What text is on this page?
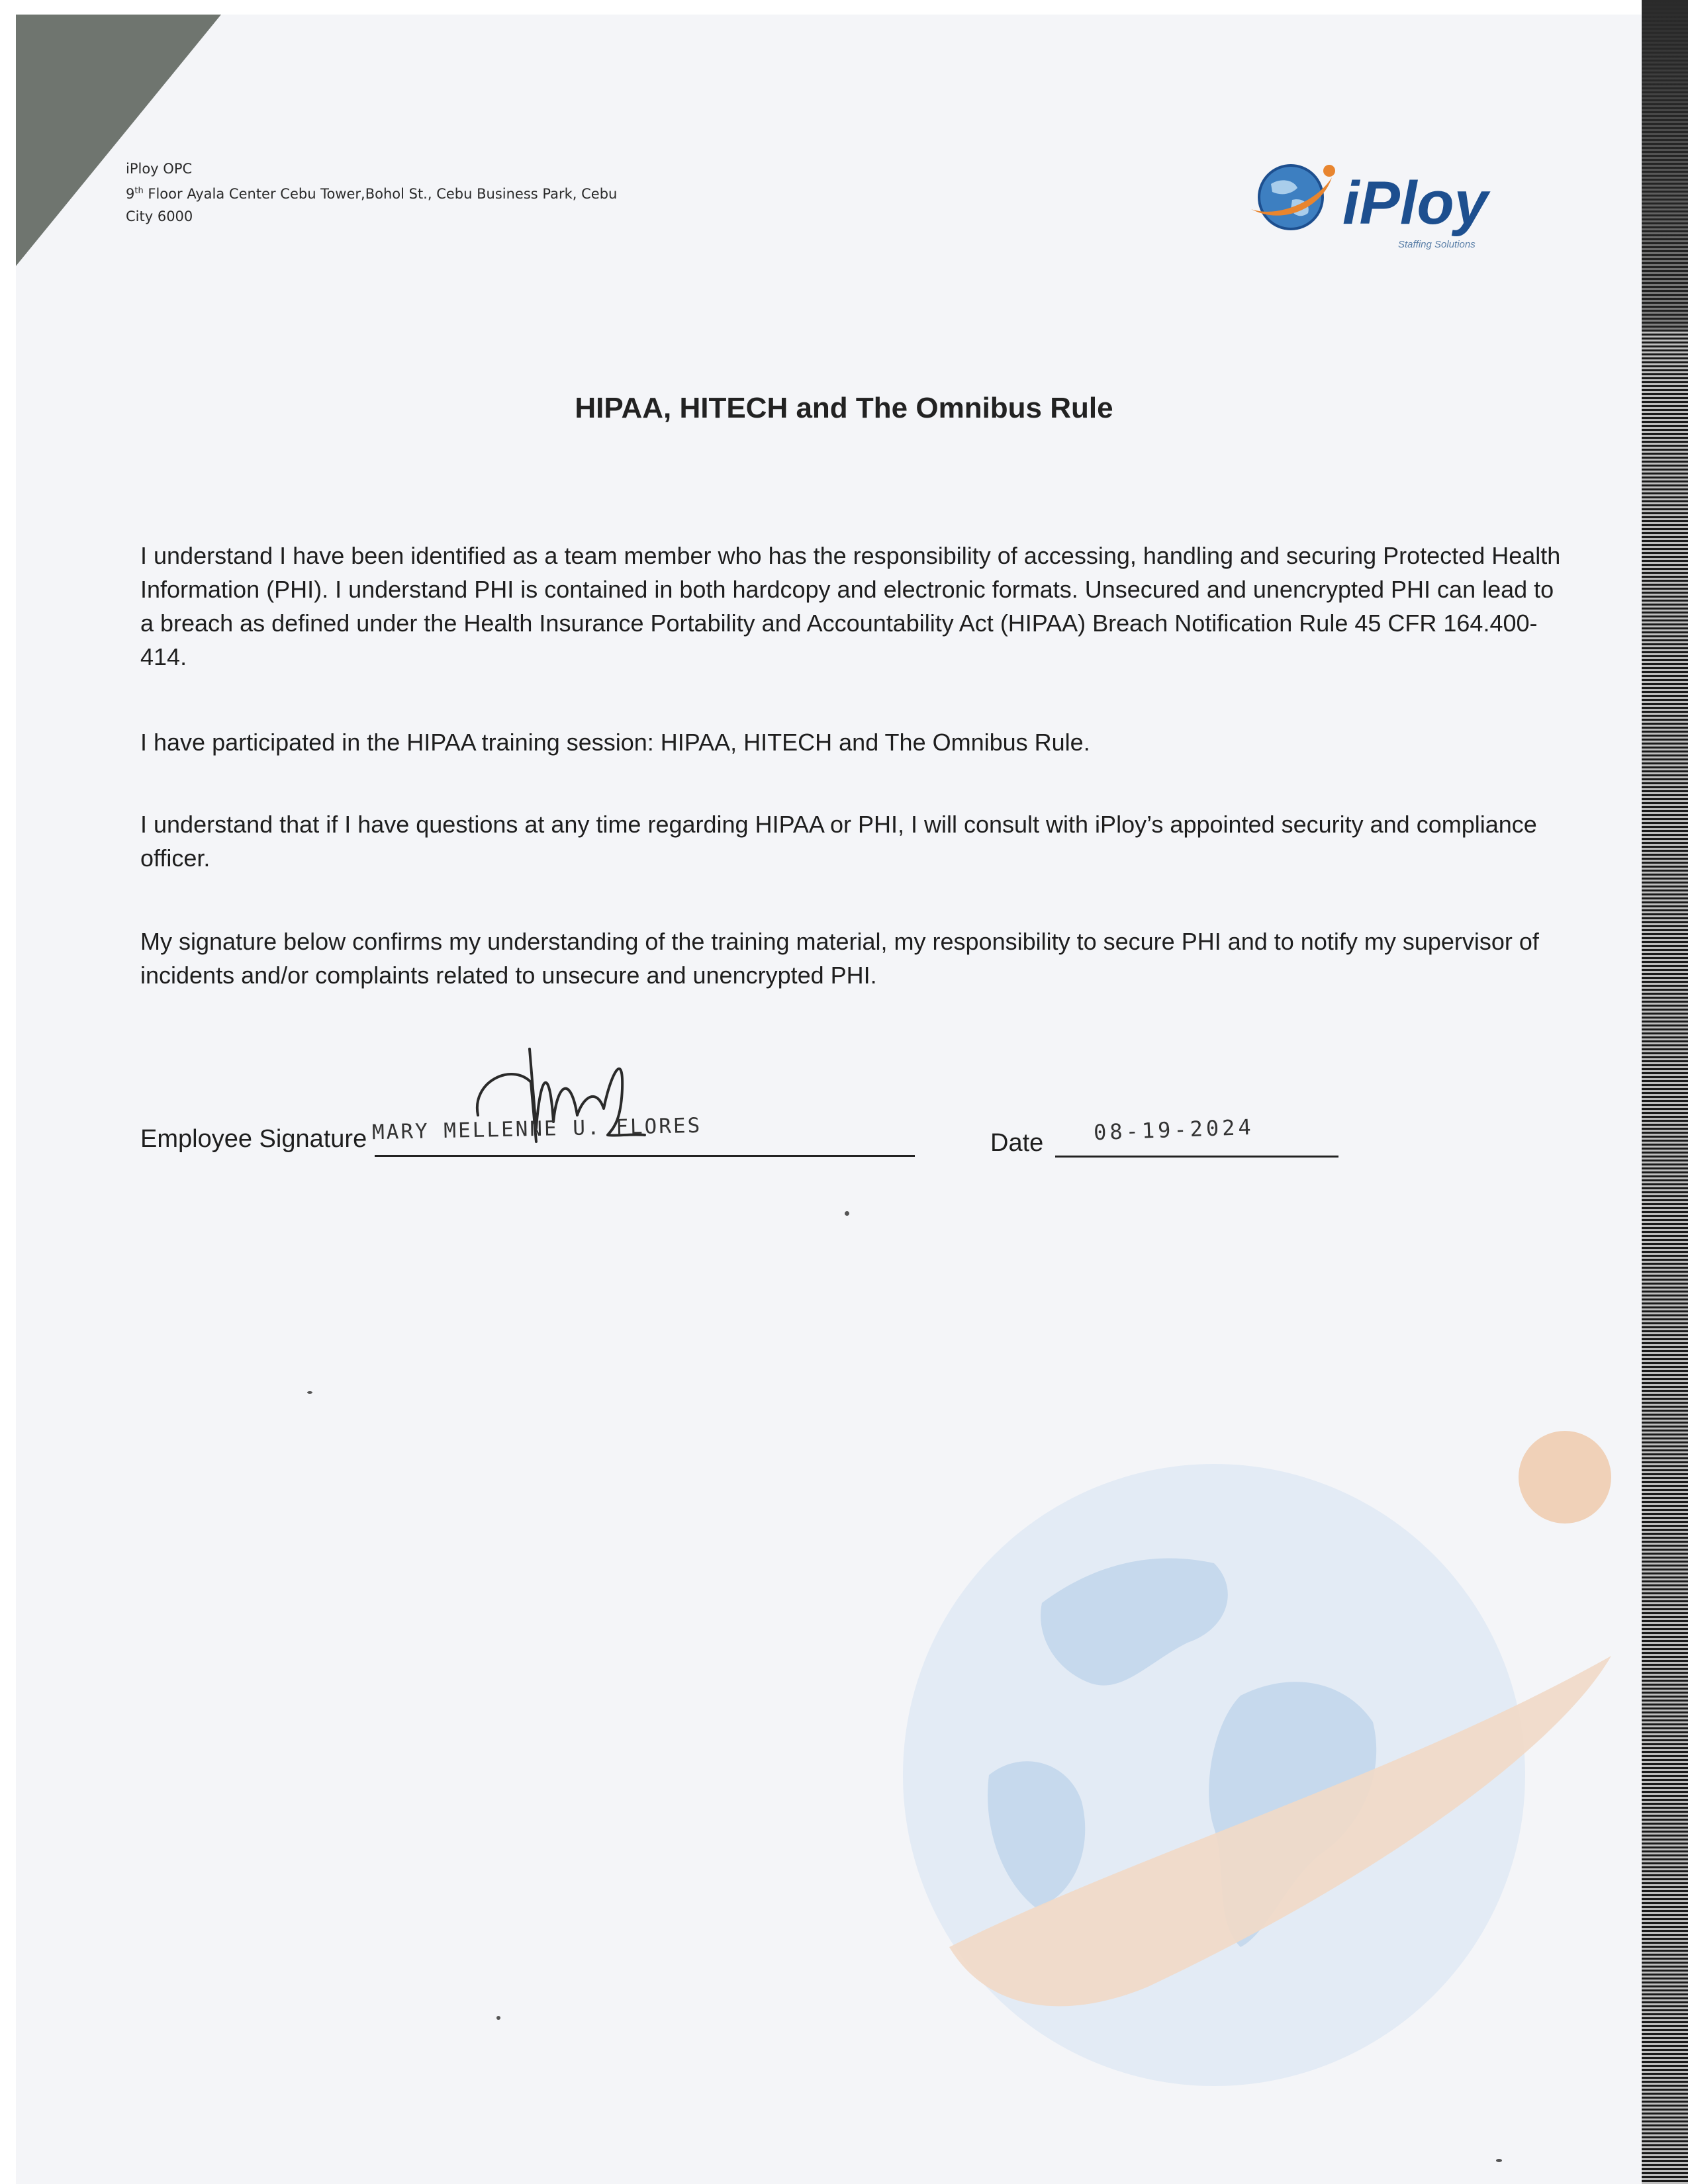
iPloy OPC
9th Floor Ayala Center Cebu Tower,Bohol St., Cebu Business Park, Cebu
City 6000	iPloy
Staffing Solutions
HIPAA, HITECH and The Omnibus Rule

I understand I have been identified as a team member who has the responsibility of accessing, handling and securing Protected Health Information (PHI). I understand PHI is contained in both hardcopy and electronic formats. Unsecured and unencrypted PHI can lead to a breach as defined under the Health Insurance Portability and Accountability Act (HIPAA) Breach Notification Rule 45 CFR 164.400-414.

I have participated in the HIPAA training session: HIPAA, HITECH and The Omnibus Rule.

I understand that if I have questions at any time regarding HIPAA or PHI, I will consult with iPloy’s appointed security and compliance officer.

My signature below confirms my understanding of the training material, my responsibility to secure PHI and to notify my supervisor of incidents and/or complaints related to unsecure and unencrypted PHI.

Employee Signature MARY MELLENNE U. FLORES	Date 08-19-2024
